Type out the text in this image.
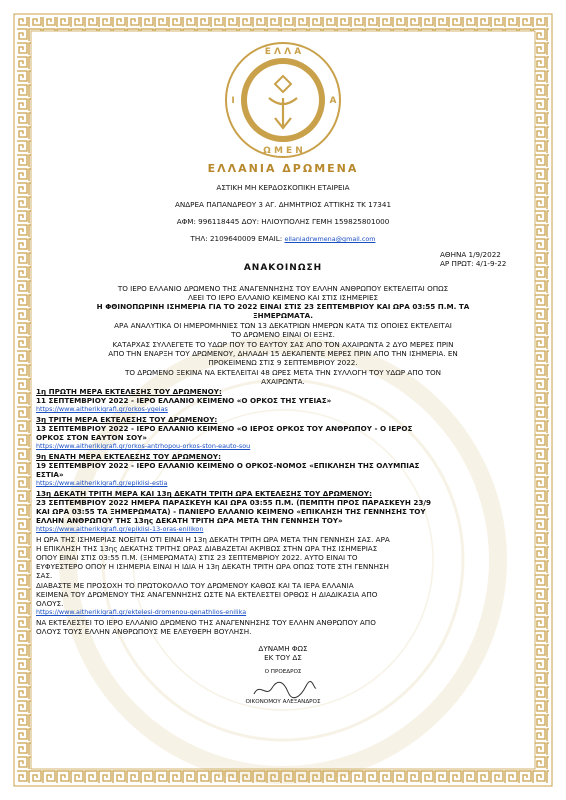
Ε Λ Λ Α
Ω Μ Ε Ν
Ι	Α
ΕΛΛΑΝΙΑ ΔΡΩΜΕΝΑ
ΑΣΤΙΚΗ ΜΗ ΚΕΡΔΟΣΚΟΠΙΚΗ ΕΤΑΙΡΕΙΑ
ΑΝΔΡΕΑ ΠΑΠΑΝΔΡΕΟΥ 3 ΑΓ. ΔΗΜΗΤΡΙΟΣ ΑΤΤΙΚΗΣ ΤΚ 17341
ΑΦΜ: 996118445 ΔΟΥ: ΗΛΙΟΥΠΟΛΗΣ ΓΕΜΗ 159825801000
ΤΗΛ: 2109640009 EMAIL: ellaniadrwmena@gmail.com
ΑΘΗΝΑ 1/9/2022
ΑΡ ΠΡΩΤ: 4/1-9-22
ΑΝΑΚΟΙΝΩΣΗ
ΤΟ ΙΕΡΟ ΕΛΛΑΝΙΟ ΔΡΩΜΕΝΟ ΤΗΣ ΑΝΑΓΕΝΝΗΣΗΣ ΤΟΥ ΕΛΛΗΝ ΑΝΘΡΩΠΟΥ ΕΚΤΕΛΕΙΤΑΙ ΟΠΩΣ
ΛΕΕΙ ΤΟ ΙΕΡΟ ΕΛΛΑΝΙΟ ΚΕΙΜΕΝΟ ΚΑΙ ΣΤΙΣ ΙΣΗΜΕΡΙΕΣ
Η ΦΘΙΝΟΠΩΡΙΝΗ ΙΣΗΜΕΡΙΑ ΓΙΑ ΤΟ 2022 ΕΙΝΑΙ ΣΤΙΣ 23 ΣΕΠΤΕΜΒΡΙΟΥ ΚΑΙ ΩΡΑ 03:55 Π.Μ. ΤΑ
ΞΗΜΕΡΩΜΑΤΑ.
ΑΡΑ ΑΝΑΛΥΤΙΚΑ ΟΙ ΗΜΕΡΟΜΗΝΙΕΣ ΤΩΝ 13 ΔΕΚΑΤΡΙΩΝ ΗΜΕΡΩΝ ΚΑΤΑ ΤΙΣ ΟΠΟΙΕΣ ΕΚΤΕΛΕΙΤΑΙ
ΤΟ ΔΡΩΜΕΝΟ ΕΙΝΑΙ ΟΙ ΕΞΗΣ.
ΚΑΤΑΡΧΑΣ ΣΥΛΛΕΓΕΤΕ ΤΟ ΥΔΩΡ ΠΟΥ ΤΟ ΕΑΥΤΟΥ ΣΑΣ ΑΠΟ ΤΟΝ ΑΧΑΙΡΩΝΤΑ 2 ΔΥΟ ΜΕΡΕΣ ΠΡΙΝ
ΑΠΟ ΤΗΝ ΕΝΑΡΞΗ ΤΟΥ ΔΡΩΜΕΝΟΥ, ΔΗΛΑΔΗ 15 ΔΕΚΑΠΕΝΤΕ ΜΕΡΕΣ ΠΡΙΝ ΑΠΟ ΤΗΝ ΙΣΗΜΕΡΙΑ. ΕΝ
ΠΡΟΚΕΙΜΕΝΩ ΣΤΙΣ 9 ΣΕΠΤΕΜΒΡΙΟΥ 2022.
ΤΟ ΔΡΩΜΕΝΟ ΞΕΚΙΝΑ ΝΑ ΕΚΤΕΛΕΙΤΑΙ 48 ΩΡΕΣ ΜΕΤΑ ΤΗΝ ΣΥΛΛΟΓΗ ΤΟΥ ΥΔΩΡ ΑΠΟ ΤΟΝ
ΑΧΑΙΡΩΝΤΑ.
1η ΠΡΩΤΗ ΜΕΡΑ ΕΚΤΕΛΕΣΗΣ ΤΟΥ ΔΡΩΜΕΝΟΥ:
11 ΣΕΠΤΕΜΒΡΙΟΥ 2022 - ΙΕΡΟ ΕΛΛΑΝΙΟ ΚΕΙΜΕΝΟ «Ο ΟΡΚΟΣ ΤΗΣ ΥΓΕΙΑΣ»
https://www.aitherikigrafi.gr/orkos-ygeias
3η ΤΡΙΤΗ ΜΕΡΑ ΕΚΤΕΛΕΣΗΣ ΤΟΥ ΔΡΩΜΕΝΟΥ:
13 ΣΕΠΤΕΜΒΡΙΟΥ 2022 - ΙΕΡΟ ΕΛΛΑΝΙΟ ΚΕΙΜΕΝΟ «Ο ΙΕΡΟΣ ΟΡΚΟΣ ΤΟΥ ΑΝΘΡΩΠΟΥ - Ο ΙΕΡΟΣ
ΟΡΚΟΣ ΣΤΟΝ ΕΑΥΤΟΝ ΣΟΥ»
https://www.aitherikigrafi.gr/orkos-antrhopou-orkos-ston-eauto-sou
9η ΕΝΑΤΗ ΜΕΡΑ ΕΚΤΕΛΕΣΗΣ ΤΟΥ ΔΡΩΜΕΝΟΥ:
19 ΣΕΠΤΕΜΒΡΙΟΥ 2022 - ΙΕΡΟ ΕΛΛΑΝΙΟ ΚΕΙΜΕΝΟ Ο ΟΡΚΟΣ-ΝΟΜΟΣ «ΕΠΙΚΛΗΣΗ ΤΗΣ ΟΛΥΜΠΙΑΣ
ΕΣΤΙΑ»
https://www.aitherikigrafi.gr/epiklisi-estia
13η ΔΕΚΑΤΗ ΤΡΙΤΗ ΜΕΡΑ ΚΑΙ 13η ΔΕΚΑΤΗ ΤΡΙΤΗ ΩΡΑ ΕΚΤΕΛΕΣΗΣ ΤΟΥ ΔΡΩΜΕΝΟΥ:
23 ΣΕΠΤΕΜΒΡΙΟΥ 2022 ΗΜΕΡΑ ΠΑΡΑΣΚΕΥΗ ΚΑΙ ΩΡΑ 03:55 Π.Μ. (ΠΕΜΠΤΗ ΠΡΟΣ ΠΑΡΑΣΚΕΥΗ 23/9
ΚΑΙ ΩΡΑ 03:55 ΤΑ ΞΗΜΕΡΩΜΑΤΑ) - ΠΑΝΙΕΡΟ ΕΛΛΑΝΙΟ ΚΕΙΜΕΝΟ «ΕΠΙΚΛΗΣΗ ΤΗΣ ΓΕΝΝΗΣΗΣ ΤΟΥ
ΕΛΛΗΝ ΑΝΘΡΩΠΟΥ ΤΗΣ 13ης ΔΕΚΑΤΗ ΤΡΙΤΗ ΩΡΑ ΜΕΤΑ ΤΗΝ ΓΕΝΝΗΣΗ ΤΟΥ»
https://www.aitherikigrafi.gr/epiklisi-13-oras-enilikon
Η ΩΡΑ ΤΗΣ ΙΣΗΜΕΡΙΑΣ ΝΟΕΙΤΑΙ ΟΤΙ ΕΙΝΑΙ Η 13η ΔΕΚΑΤΗ ΤΡΙΤΗ ΩΡΑ ΜΕΤΑ ΤΗΝ ΓΕΝΝΗΣΗ ΣΑΣ. ΑΡΑ
Η ΕΠΙΚΛΗΣΗ ΤΗΣ 13ης ΔΕΚΑΤΗΣ ΤΡΙΤΗΣ ΩΡΑΣ ΔΙΑΒΑΖΕΤΑΙ ΑΚΡΙΒΩΣ ΣΤΗΝ ΩΡΑ ΤΗΣ ΙΣΗΜΕΡΙΑΣ
ΟΠΟΥ ΕΙΝΑΙ ΣΤΙΣ 03:55 Π.Μ. (ΞΗΜΕΡΩΜΑΤΑ) ΣΤΙΣ 23 ΣΕΠΤΕΜΒΡΙΟΥ 2022. ΑΥΤΟ ΕΙΝΑΙ ΤΟ
ΕΥΦΥΕΣΤΕΡΟ ΟΠΟΥ Η ΙΣΗΜΕΡΙΑ ΕΙΝΑΙ Η ΙΔΙΑ Η 13η ΔΕΚΑΤΗ ΤΡΙΤΗ ΩΡΑ ΟΠΩΣ ΤΟΤΕ ΣΤΗ ΓΕΝΝΗΣΗ
ΣΑΣ.
ΔΙΑΒΑΣΤΕ ΜΕ ΠΡΟΣΟΧΗ ΤΟ ΠΡΩΤΟΚΟΛΛΟ ΤΟΥ ΔΡΩΜΕΝΟΥ ΚΑΘΩΣ ΚΑΙ ΤΑ ΙΕΡΑ ΕΛΛΑΝΙΑ
ΚΕΙΜΕΝΑ ΤΟΥ ΔΡΩΜΕΝΟΥ ΤΗΣ ΑΝΑΓΕΝΝΗΣΗΣ ΩΣΤΕ ΝΑ ΕΚΤΕΛΕΣΤΕΙ ΟΡΘΩΣ Η ΔΙΑΔΙΚΑΣΙΑ ΑΠΟ
ΟΛΟΥΣ.
https://www.aitherikigrafi.gr/ektelesi-dromenou-genathlios-enilika
ΝΑ ΕΚΤΕΛΕΣΤΕΙ ΤΟ ΙΕΡΟ ΕΛΛΑΝΙΟ ΔΡΩΜΕΝΟ ΤΗΣ ΑΝΑΓΕΝΝΗΣΗΣ ΤΟΥ ΕΛΛΗΝ ΑΝΘΡΩΠΟΥ ΑΠΟ
ΟΛΟΥΣ ΤΟΥΣ ΕΛΛΗΝ ΑΝΘΡΩΠΟΥΣ ΜΕ ΕΛΕΥΘΕΡΗ ΒΟΥΛΗΣΗ.
ΔΥΝΑΜΗ ΦΩΣ
ΕΚ ΤΟΥ ΔΣ
Ο ΠΡΟΕΔΡΟΣ
ΟΙΚΟΝΟΜΟΥ ΑΛΕΞΑΝΔΡΟΣ
